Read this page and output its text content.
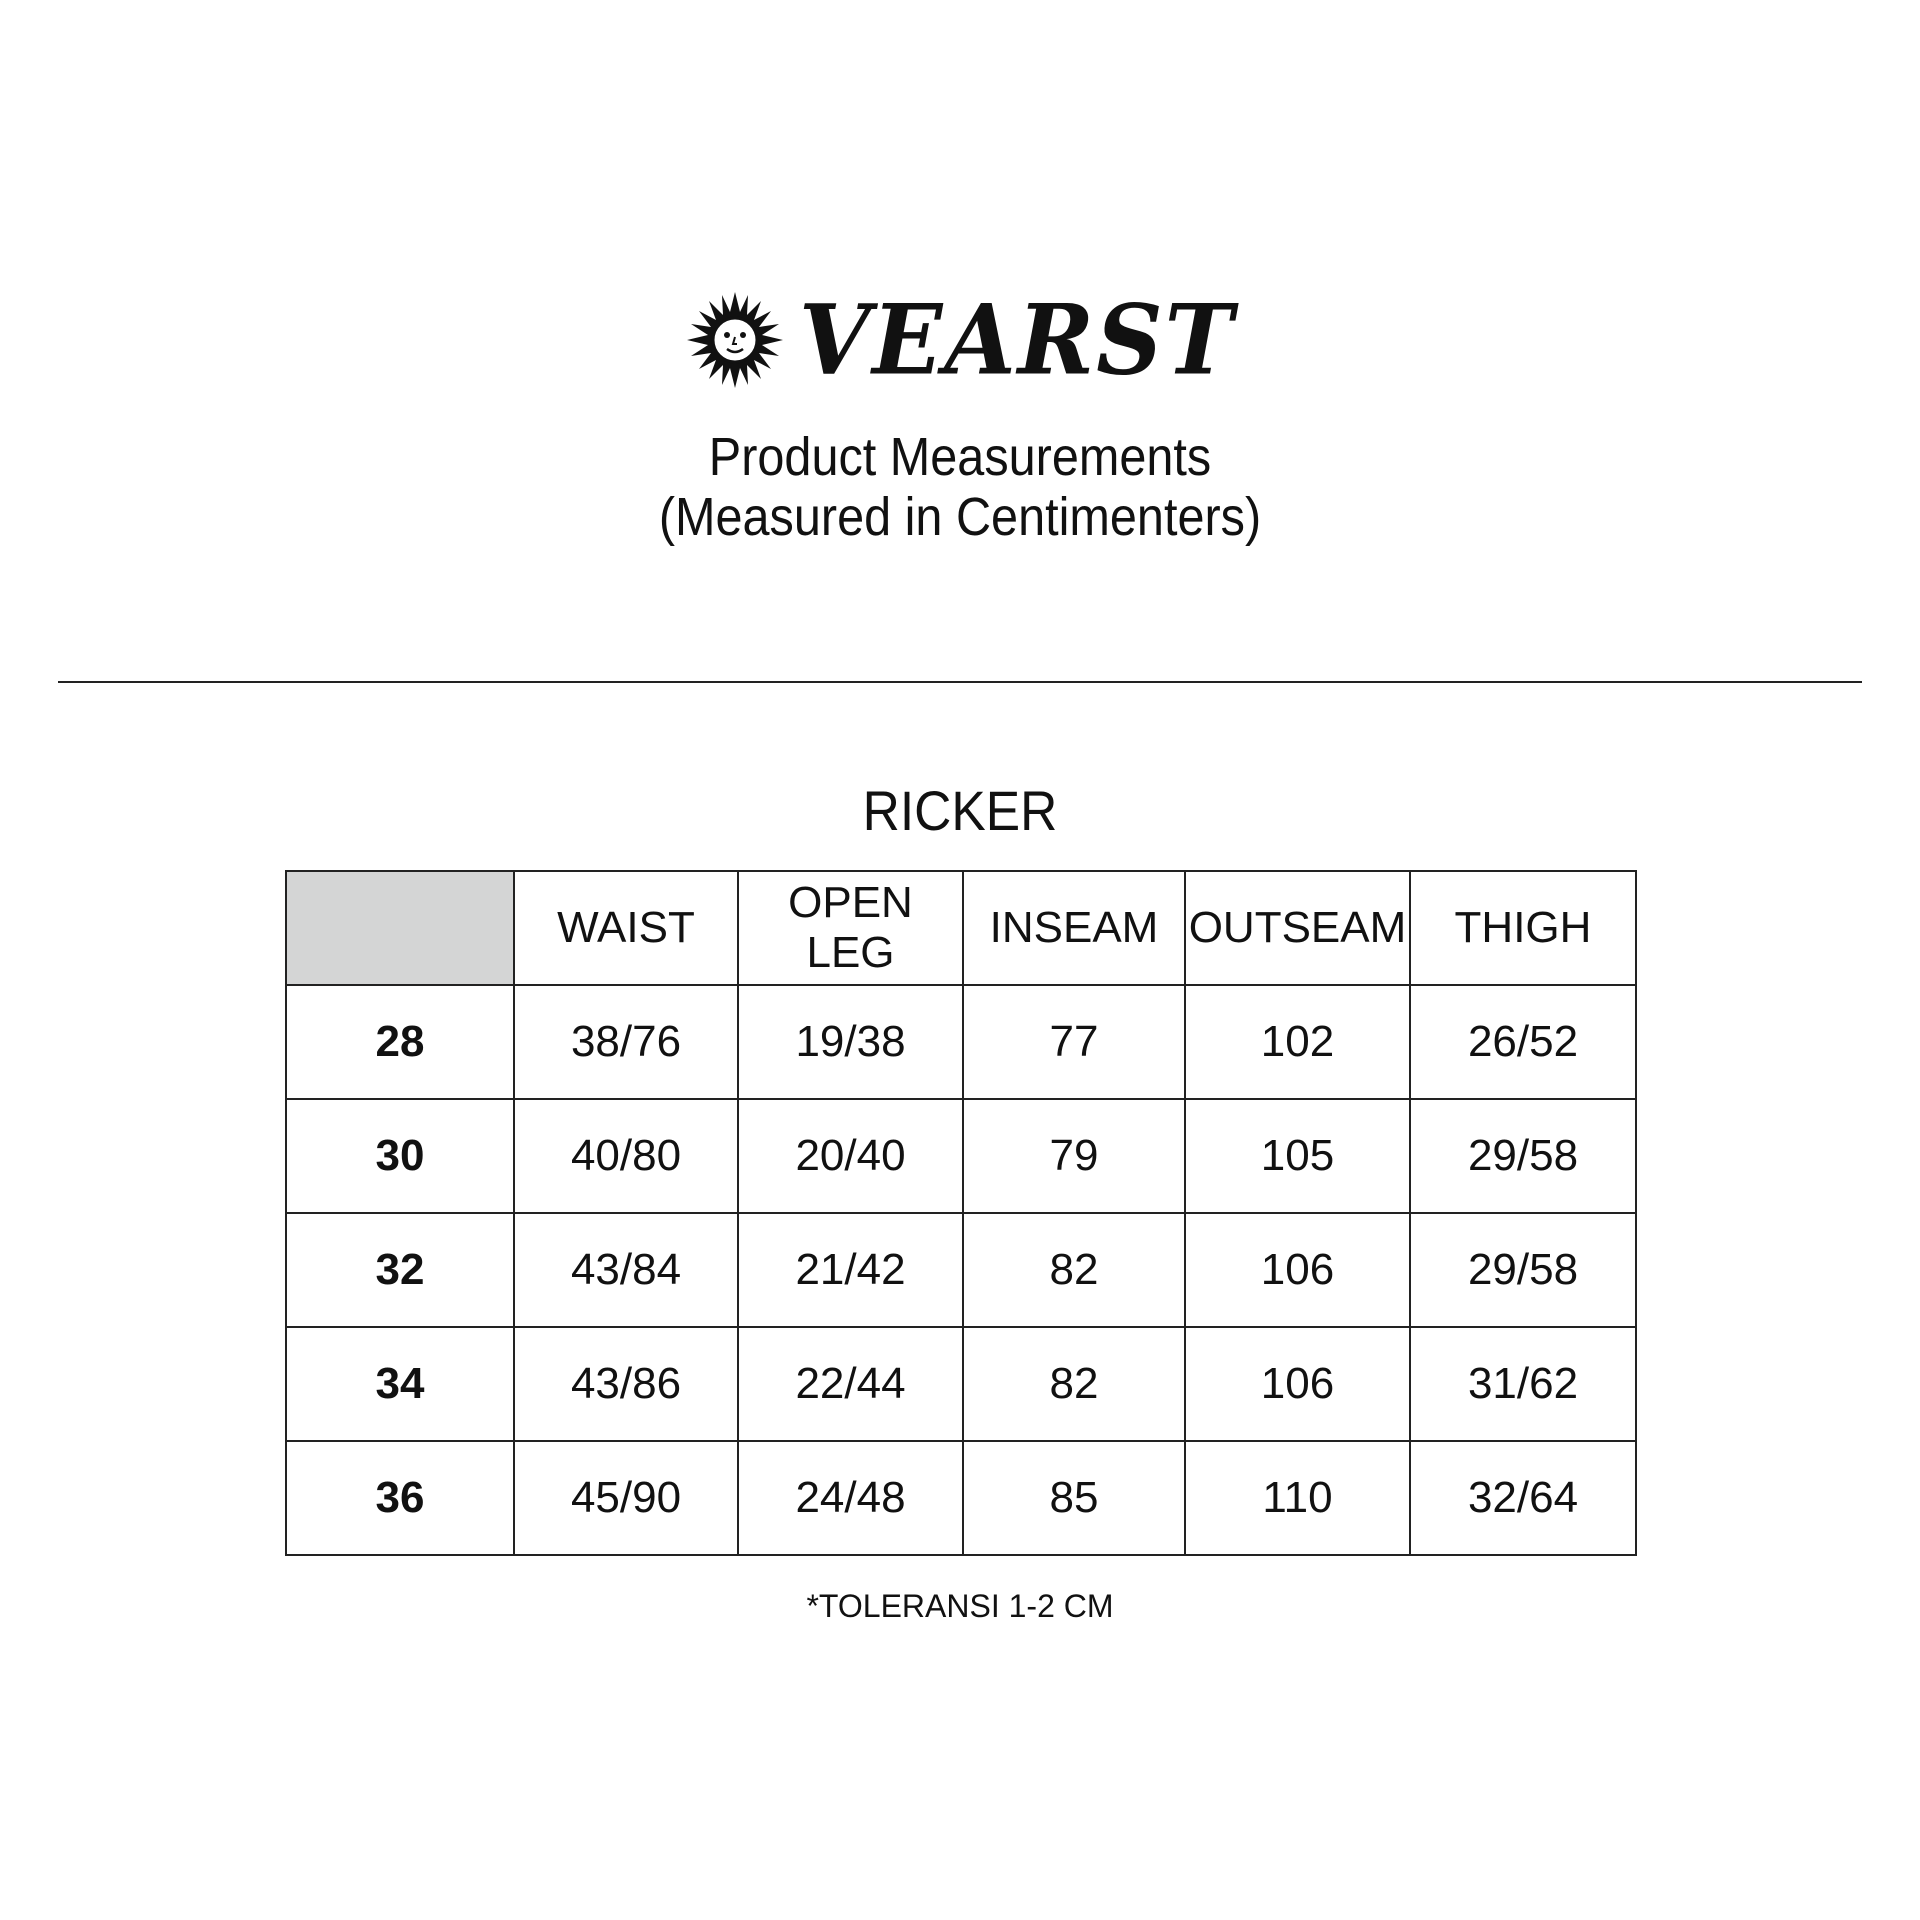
VEARST
Product Measurements
(Measured in Centimenters)
RICKER
	WAIST	OPEN LEG	INSEAM	OUTSEAM	THIGH
28	38/76	19/38	77	102	26/52
30	40/80	20/40	79	105	29/58
32	43/84	21/42	82	106	29/58
34	43/86	22/44	82	106	31/62
36	45/90	24/48	85	110	32/64
*TOLERANSI 1-2 CM
